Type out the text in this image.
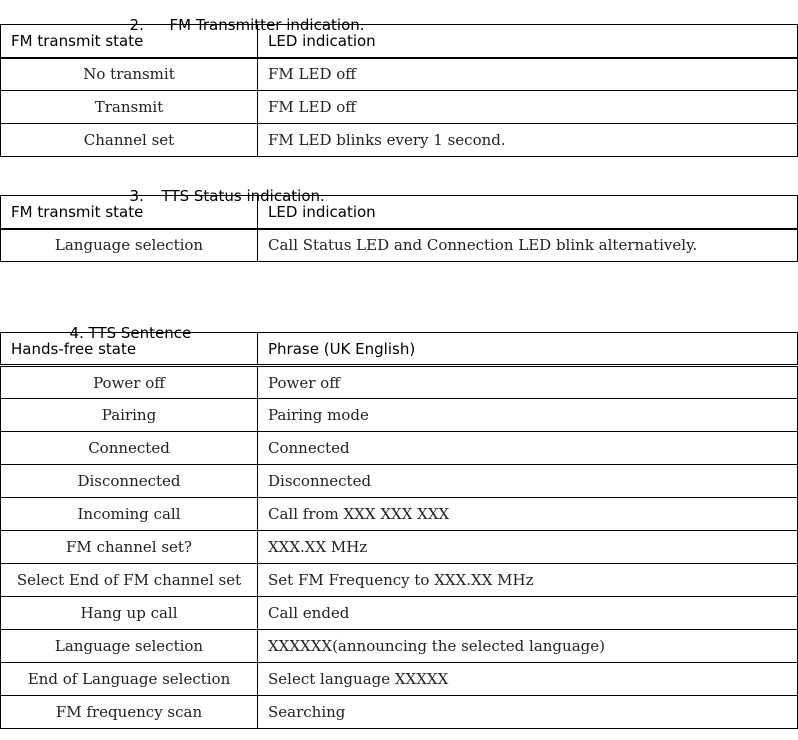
2. FM Transmitter indication.

FM transmit state	LED indication
No transmit	FM LED off
Transmit	FM LED off
Channel set	FM LED blinks every 1 second.

3. TTS Status indication.

FM transmit state	LED indication
Language selection	Call Status LED and Connection LED blink alternatively.

4. TTS Sentence

Hands-free state	Phrase (UK English)
Power off	Power off
Pairing	Pairing mode
Connected	Connected
Disconnected	Disconnected
Incoming call	Call from XXX XXX XXX
FM channel set?	XXX.XX MHz
Select End of FM channel set	Set FM Frequency to XXX.XX MHz
Hang up call	Call ended
Language selection	XXXXXX(announcing the selected language)
End of Language selection	Select language XXXXX
FM frequency scan	Searching
